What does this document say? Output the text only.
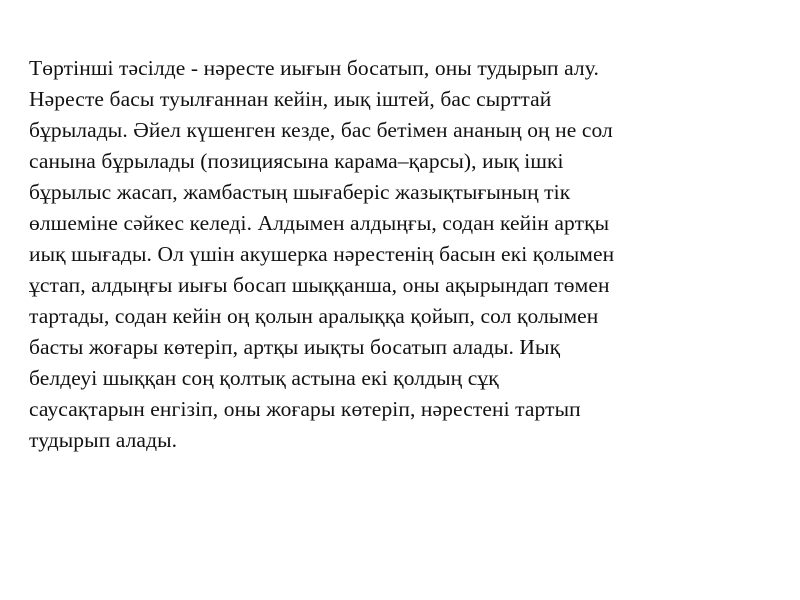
Төртінші тәсілде - нәресте иығын босатып, оны тудырып алу.
Нәресте басы туылғаннан кейін, иық іштей, бас сырттай
бұрылады. Әйел күшенген кезде, бас бетімен ананың оң не сол
санына бұрылады (позициясына карама–қарсы), иық ішкі
бұрылыс жасап, жамбастың шығаберіс жазықтығының тік
өлшеміне сәйкес келеді. Алдымен алдыңғы, содан кейін артқы
иық шығады. Ол үшін акушерка нәрестенің басын екі қолымен
ұстап, алдыңғы иығы босап шыққанша, оны ақырындап төмен
тартады, содан кейін оң қолын аралыққа қойып, сол қолымен
басты жоғары көтеріп, артқы иықты босатып алады. Иық
белдеуі шыққан соң қолтық астына екі қолдың сұқ
саусақтарын енгізіп, оны жоғары көтеріп, нәрестені тартып
тудырып алады.
